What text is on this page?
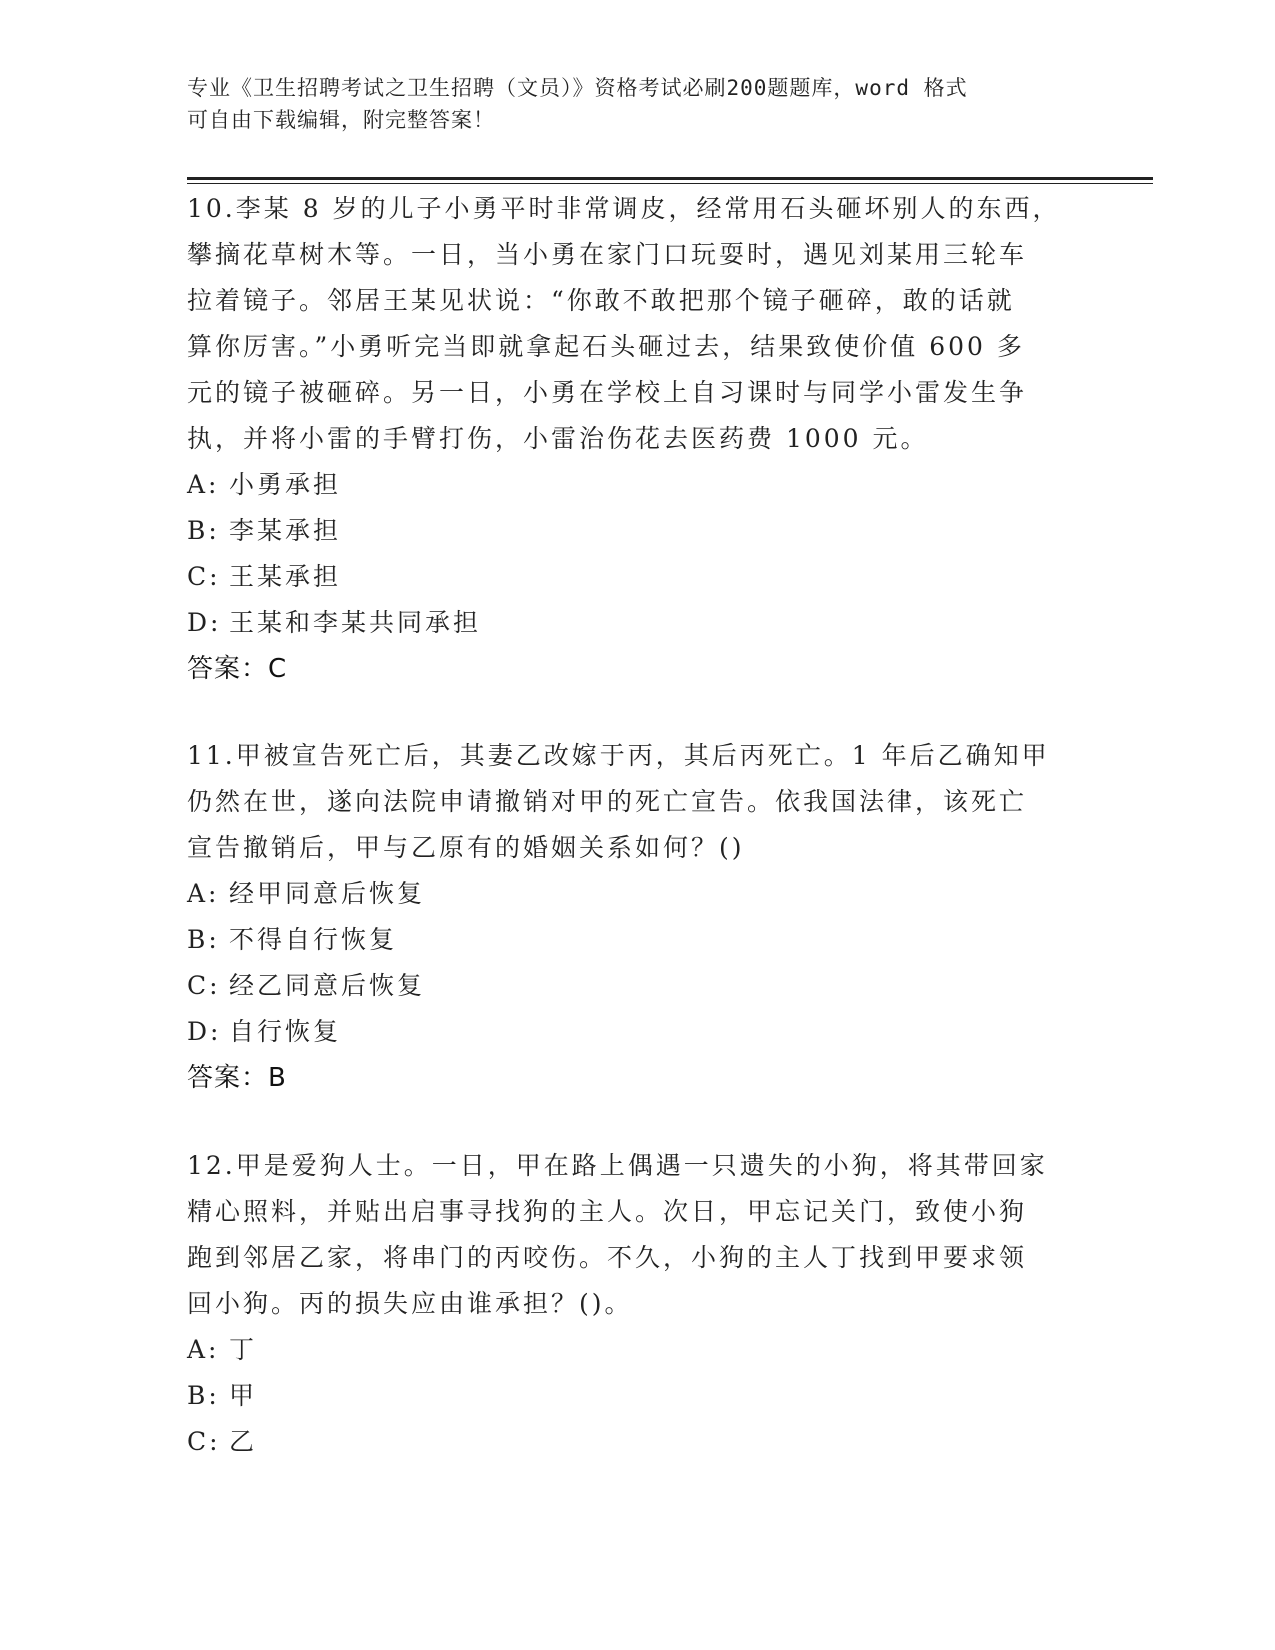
专业《卫生招聘考试之卫生招聘（文员）》资格考试必刷200题题库，word 格式
可自由下载编辑，附完整答案！
10.李某 8 岁的儿子小勇平时非常调皮，经常用石头砸坏别人的东西，
攀摘花草树木等。一日，当小勇在家门口玩耍时，遇见刘某用三轮车
拉着镜子。邻居王某见状说：“你敢不敢把那个镜子砸碎，敢的话就
算你厉害。”小勇听完当即就拿起石头砸过去，结果致使价值 600 多
元的镜子被砸碎。另一日，小勇在学校上自习课时与同学小雷发生争
执，并将小雷的手臂打伤，小雷治伤花去医药费 1000 元。
A: 小勇承担
B: 李某承担
C: 王某承担
D: 王某和李某共同承担
答案：C
11.甲被宣告死亡后，其妻乙改嫁于丙，其后丙死亡。1 年后乙确知甲
仍然在世，遂向法院申请撤销对甲的死亡宣告。依我国法律，该死亡
宣告撤销后，甲与乙原有的婚姻关系如何？()
A: 经甲同意后恢复
B: 不得自行恢复
C: 经乙同意后恢复
D: 自行恢复
答案：B
12.甲是爱狗人士。一日，甲在路上偶遇一只遗失的小狗，将其带回家
精心照料，并贴出启事寻找狗的主人。次日，甲忘记关门，致使小狗
跑到邻居乙家，将串门的丙咬伤。不久，小狗的主人丁找到甲要求领
回小狗。丙的损失应由谁承担？()。
A: 丁
B: 甲
C: 乙
